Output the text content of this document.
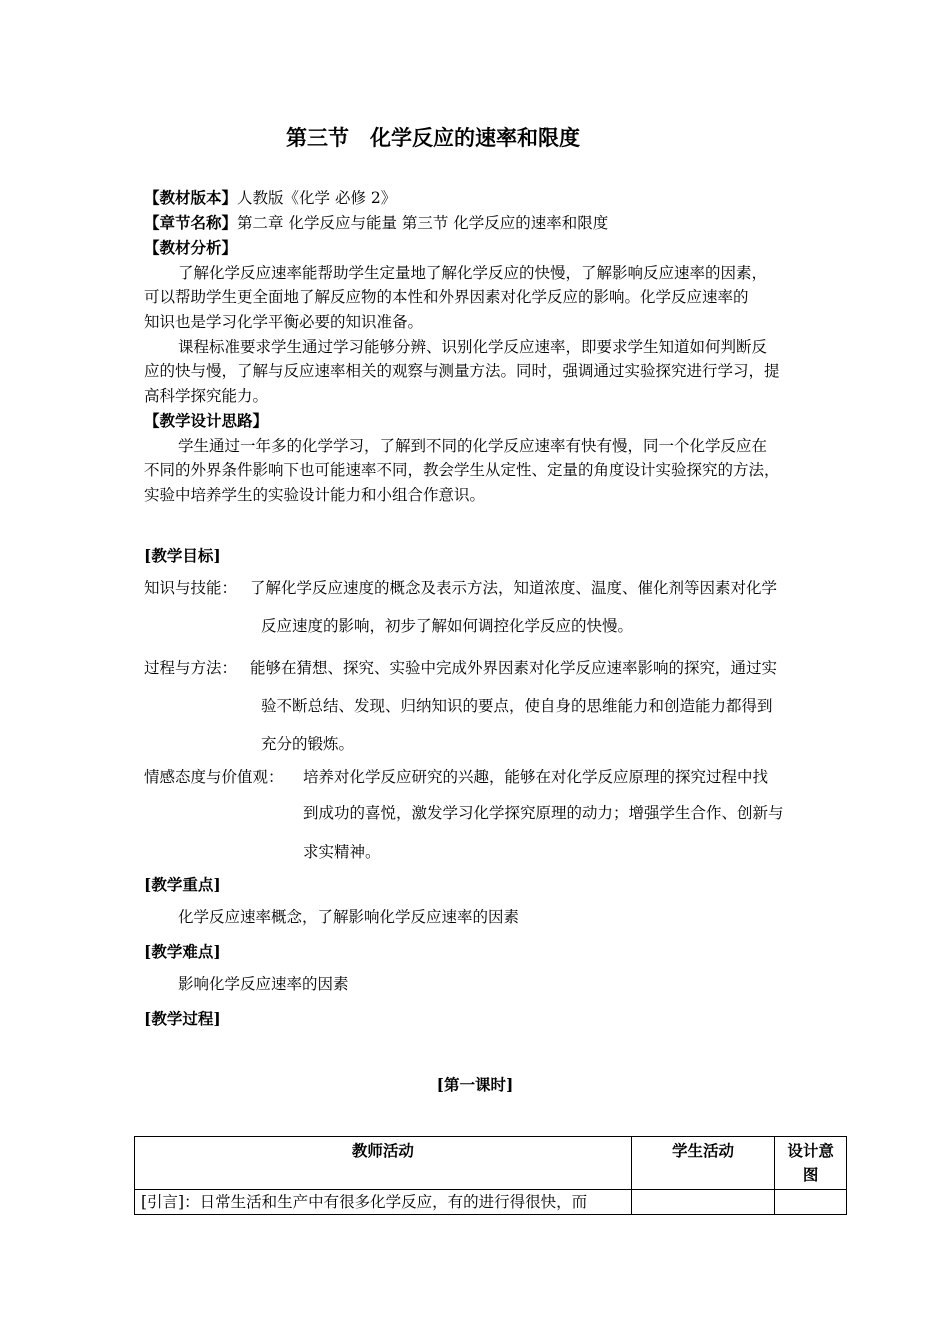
第三节　化学反应的速率和限度
【教材版本】人教版《化学 必修 2》
【章节名称】第二章 化学反应与能量 第三节 化学反应的速率和限度
【教材分析】
了解化学反应速率能帮助学生定量地了解化学反应的快慢，了解影响反应速率的因素，
可以帮助学生更全面地了解反应物的本性和外界因素对化学反应的影响。化学反应速率的
知识也是学习化学平衡必要的知识准备。
课程标准要求学生通过学习能够分辨、识别化学反应速率，即要求学生知道如何判断反
应的快与慢，了解与反应速率相关的观察与测量方法。同时，强调通过实验探究进行学习，提
高科学探究能力。
【教学设计思路】
学生通过一年多的化学学习，了解到不同的化学反应速率有快有慢，同一个化学反应在
不同的外界条件影响下也可能速率不同，教会学生从定性、定量的角度设计实验探究的方法，
实验中培养学生的实验设计能力和小组合作意识。
[教学目标]
知识与技能： 了解化学反应速度的概念及表示方法，知道浓度、温度、催化剂等因素对化学
反应速度的影响，初步了解如何调控化学反应的快慢。
过程与方法： 能够在猜想、探究、实验中完成外界因素对化学反应速率影响的探究，通过实
验不断总结、发现、归纳知识的要点，使自身的思维能力和创造能力都得到
充分的锻炼。
情感态度与价值观： 培养对化学反应研究的兴趣，能够在对化学反应原理的探究过程中找
到成功的喜悦，激发学习化学探究原理的动力；增强学生合作、创新与
求实精神。
[教学重点]
化学反应速率概念，了解影响化学反应速率的因素
[教学难点]
影响化学反应速率的因素
[教学过程]
[第一课时]
教师活动	学生活动	设计意图
[引言]：日常生活和生产中有很多化学反应，有的进行得很快，而		
